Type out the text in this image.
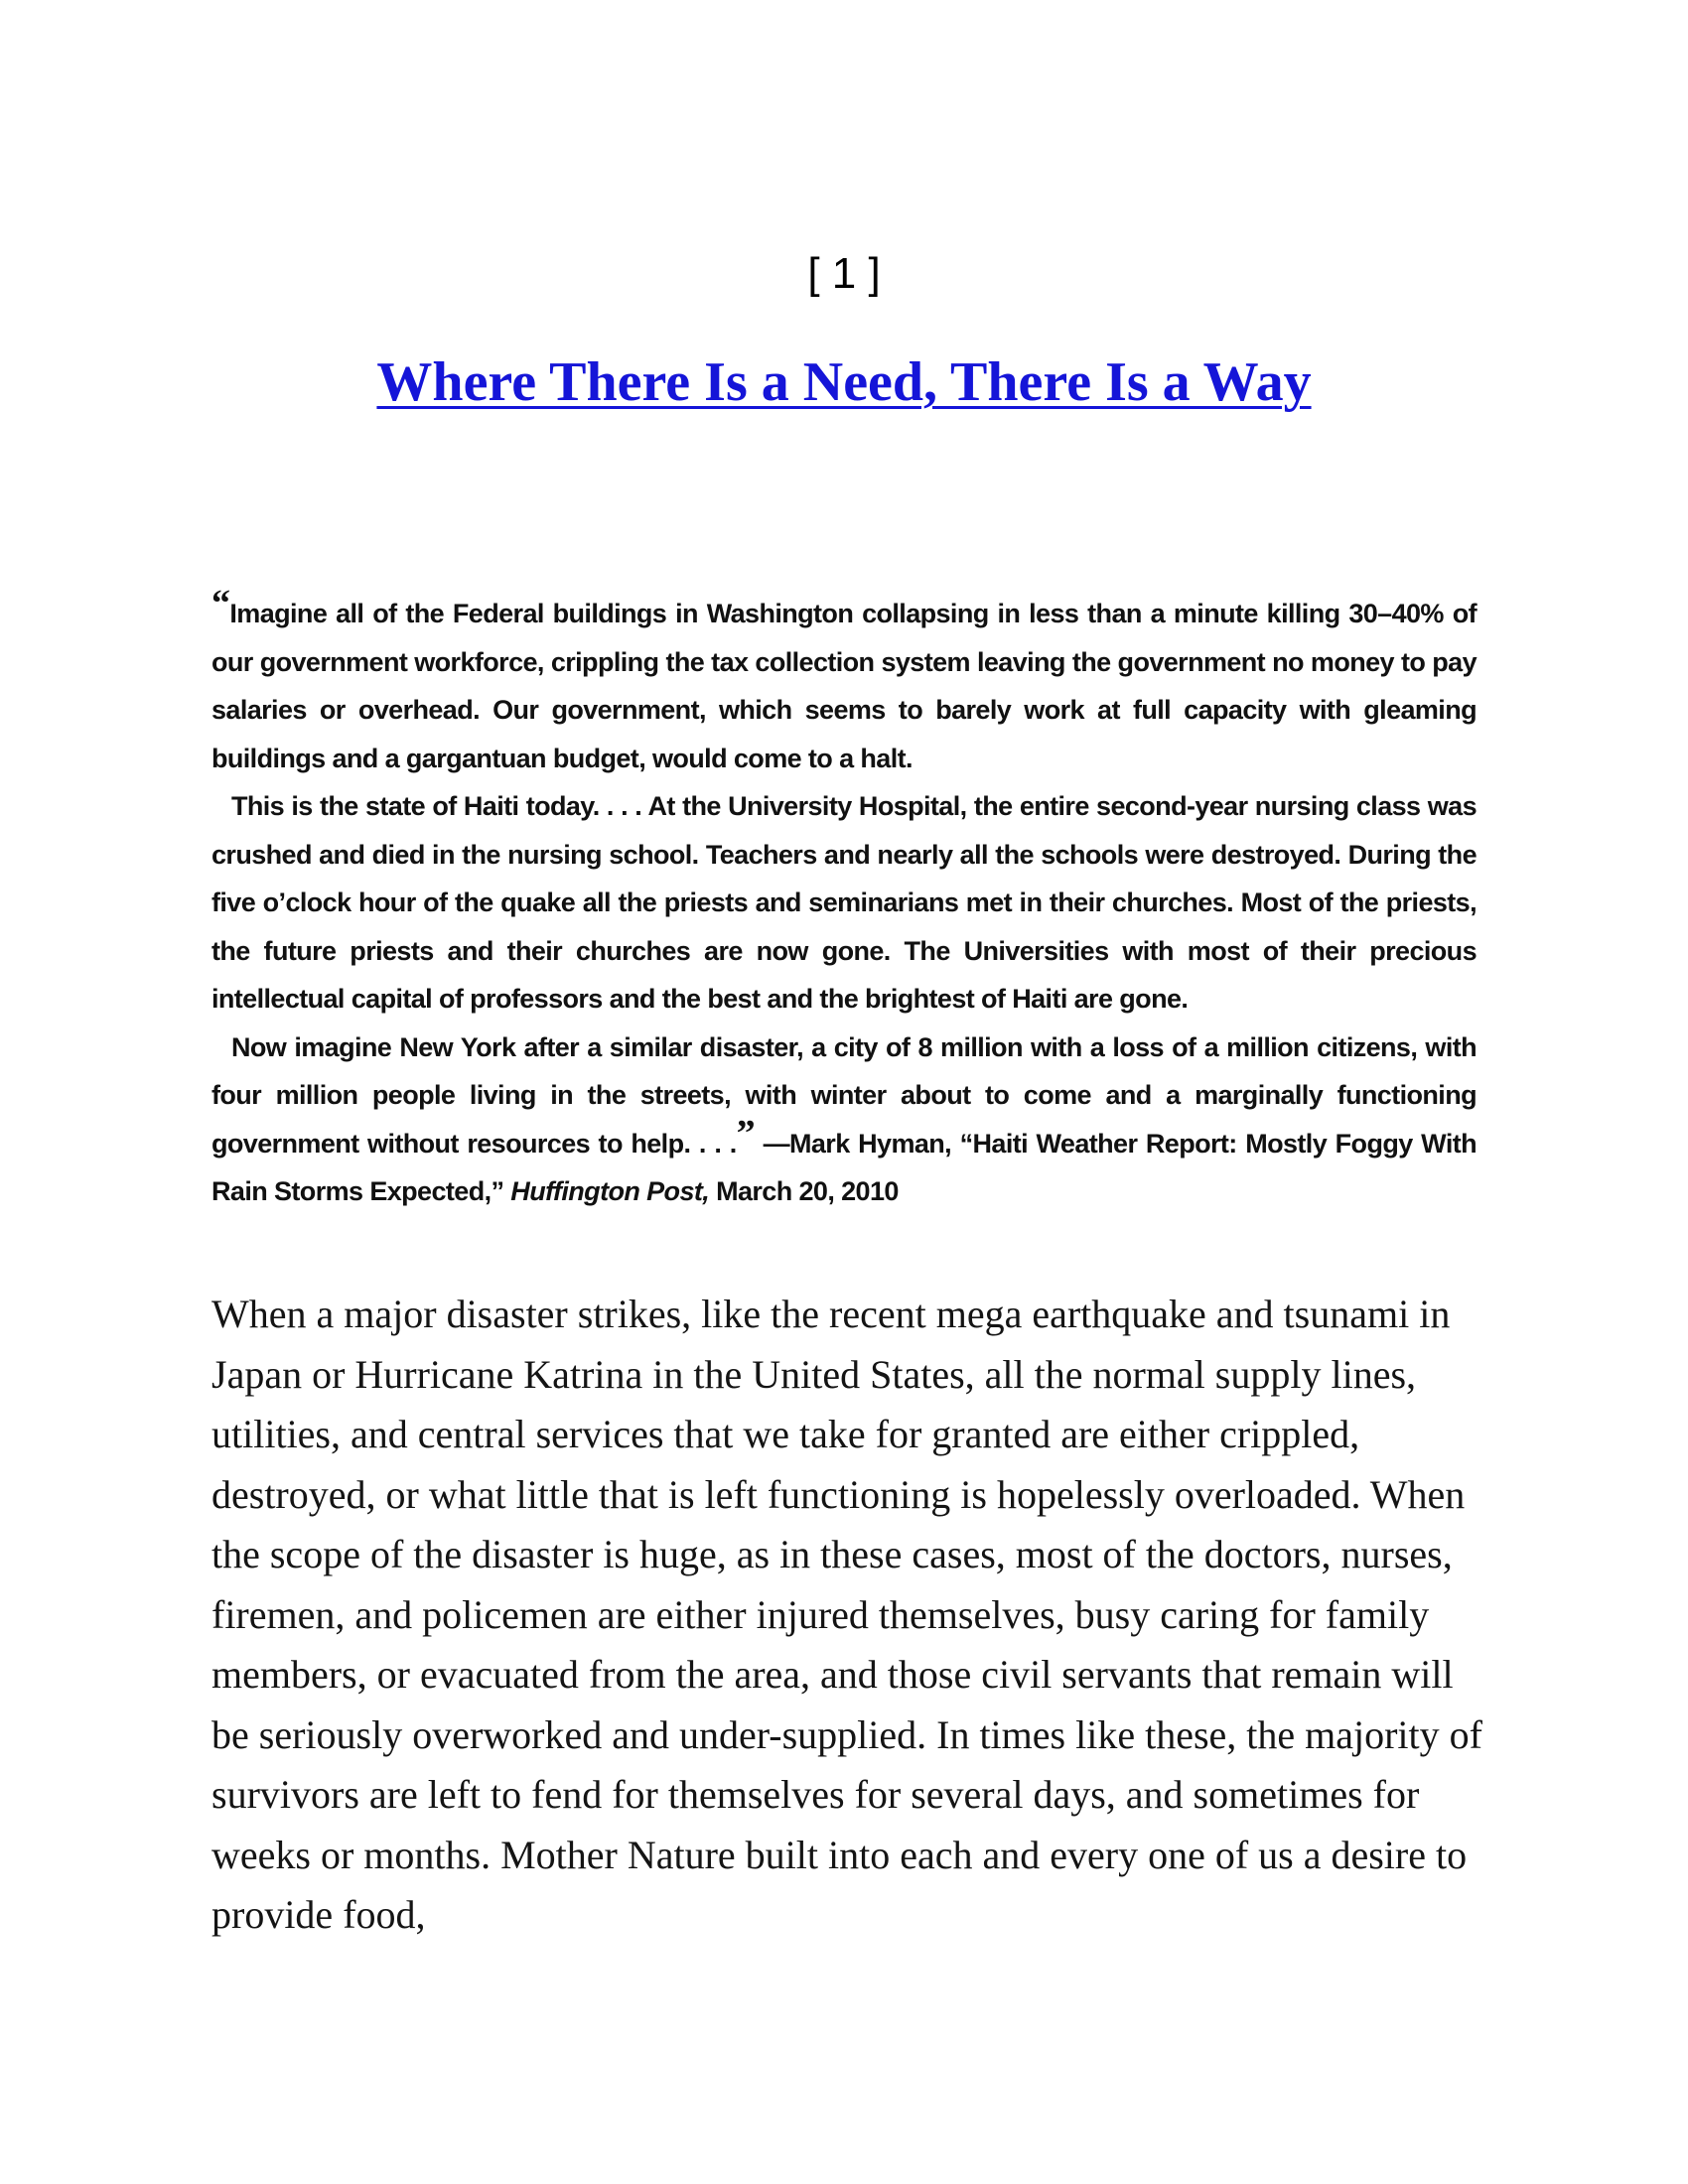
[ 1 ]
Where There Is a Need, There Is a Way

“Imagine all of the Federal buildings in Washington collapsing in less than a minute killing 30–40% of our government workforce, crippling the tax collection system leaving the government no money to pay salaries or overhead. Our government, which seems to barely work at full capacity with gleaming buildings and a gargantuan budget, would come to a halt.

This is the state of Haiti today. . . . At the University Hospital, the entire second-year nursing class was crushed and died in the nursing school. Teachers and nearly all the schools were destroyed. During the five o’clock hour of the quake all the priests and seminarians met in their churches. Most of the priests, the future priests and their churches are now gone. The Universities with most of their precious intellectual capital of professors and the best and the brightest of Haiti are gone.

Now imagine New York after a similar disaster, a city of 8 million with a loss of a million citizens, with four million people living in the streets, with winter about to come and a marginally functioning government without resources to help. . . .” —Mark Hyman, “Haiti Weather Report: Mostly Foggy With Rain Storms Expected,” Huffington Post, March 20, 2010

When a major disaster strikes, like the recent mega earthquake and tsunami in Japan or Hurricane Katrina in the United States, all the normal supply lines, utilities, and central services that we take for granted are either crippled, destroyed, or what little that is left functioning is hopelessly overloaded. When the scope of the disaster is huge, as in these cases, most of the doctors, nurses, firemen, and policemen are either injured themselves, busy caring for family members, or evacuated from the area, and those civil servants that remain will be seriously overworked and under-supplied. In times like these, the majority of survivors are left to fend for themselves for several days, and sometimes for weeks or months. Mother Nature built into each and every one of us a desire to provide food,
